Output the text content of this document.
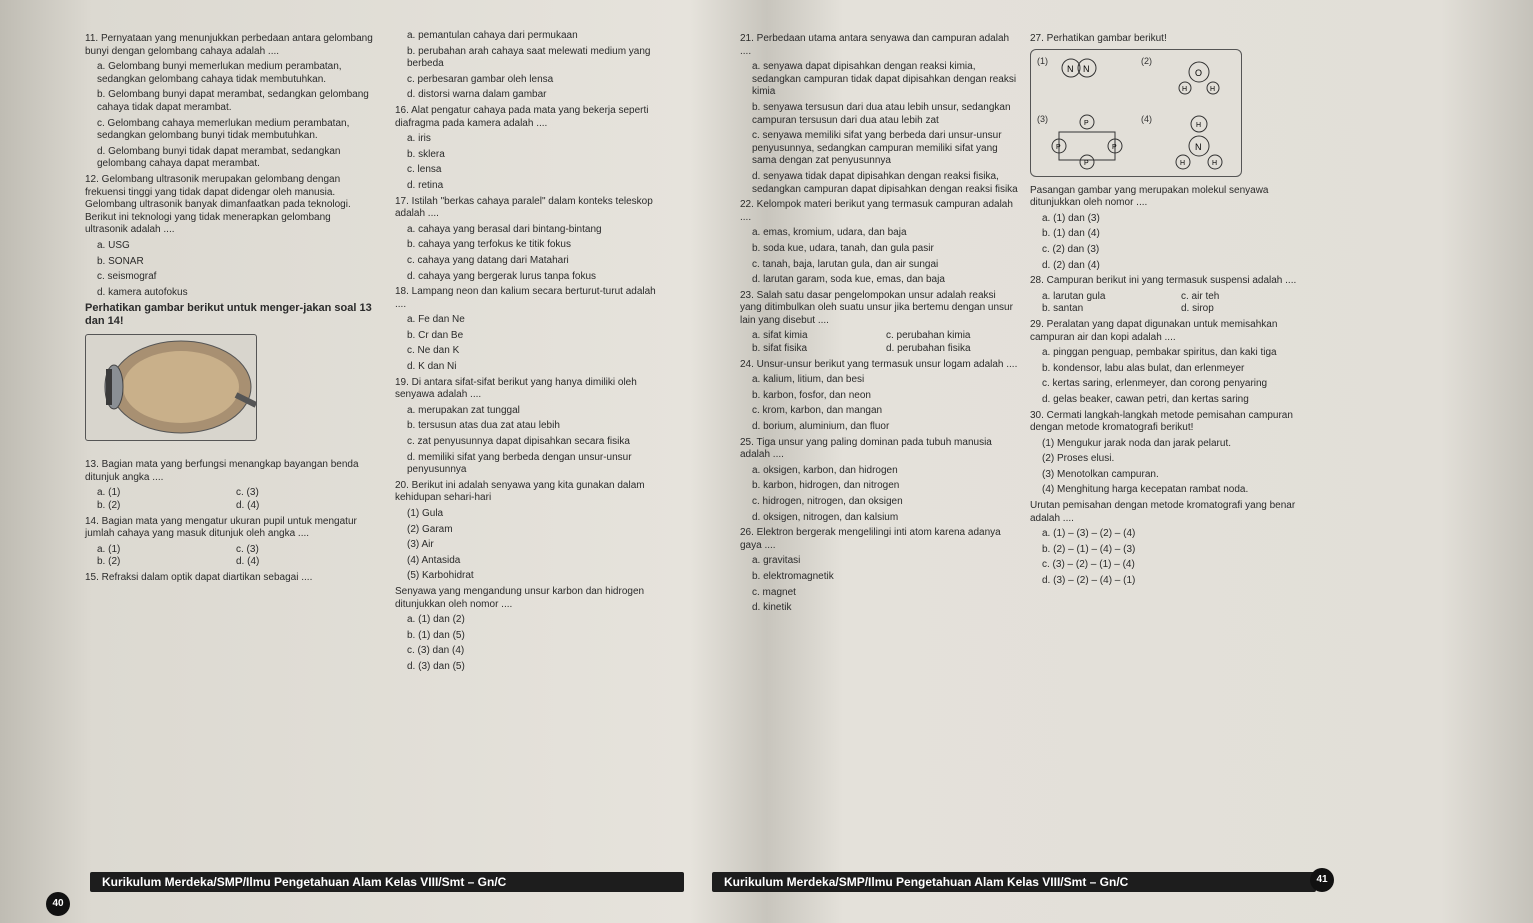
11. Pernyataan yang menunjukkan perbedaan antara gelombang bunyi dengan gelombang cahaya adalah ....

a. Gelombang bunyi memerlukan medium perambatan, sedangkan gelombang cahaya tidak membutuhkan.

b. Gelombang bunyi dapat merambat, sedangkan gelombang cahaya tidak dapat merambat.

c. Gelombang cahaya memerlukan medium perambatan, sedangkan gelombang bunyi tidak membutuhkan.

d. Gelombang bunyi tidak dapat merambat, sedangkan gelombang cahaya dapat merambat.

12. Gelombang ultrasonik merupakan gelombang dengan frekuensi tinggi yang tidak dapat didengar oleh manusia. Gelombang ultrasonik banyak dimanfaatkan pada teknologi. Berikut ini teknologi yang tidak menerapkan gelombang ultrasonik adalah ....

a. USG

b. SONAR

c. seismograf

d. kamera autofokus

Perhatikan gambar berikut untuk menger-jakan soal 13 dan 14!

13. Bagian mata yang berfungsi menangkap bayangan benda ditunjuk angka ....

a. (1)	c. (3)
b. (2)	d. (4)

14. Bagian mata yang mengatur ukuran pupil untuk mengatur jumlah cahaya yang masuk ditunjuk oleh angka ....

a. (1)	c. (3)
b. (2)	d. (4)

15. Refraksi dalam optik dapat diartikan sebagai ....

a. pemantulan cahaya dari permukaan

b. perubahan arah cahaya saat melewati medium yang berbeda

c. perbesaran gambar oleh lensa

d. distorsi warna dalam gambar

16. Alat pengatur cahaya pada mata yang bekerja seperti diafragma pada kamera adalah ....

a. iris

b. sklera

c. lensa

d. retina

17. Istilah "berkas cahaya paralel" dalam konteks teleskop adalah ....

a. cahaya yang berasal dari bintang-bintang

b. cahaya yang terfokus ke titik fokus

c. cahaya yang datang dari Matahari

d. cahaya yang bergerak lurus tanpa fokus

18. Lampang neon dan kalium secara berturut-turut adalah ....

a. Fe dan Ne

b. Cr dan Be

c. Ne dan K

d. K dan Ni

19. Di antara sifat-sifat berikut yang hanya dimiliki oleh senyawa adalah ....

a. merupakan zat tunggal

b. tersusun atas dua zat atau lebih

c. zat penyusunnya dapat dipisahkan secara fisika

d. memiliki sifat yang berbeda dengan unsur-unsur penyusunnya

20. Berikut ini adalah senyawa yang kita gunakan dalam kehidupan sehari-hari

(1) Gula

(2) Garam

(3) Air

(4) Antasida

(5) Karbohidrat

Senyawa yang mengandung unsur karbon dan hidrogen ditunjukkan oleh nomor ....

a. (1) dan (2)

b. (1) dan (5)

c. (3) dan (4)

d. (3) dan (5)

Kurikulum Merdeka/SMP/Ilmu Pengetahuan Alam Kelas VIII/Smt – Gn/C
40

21. Perbedaan utama antara senyawa dan campuran adalah ....

a. senyawa dapat dipisahkan dengan reaksi kimia, sedangkan campuran tidak dapat dipisahkan dengan reaksi kimia

b. senyawa tersusun dari dua atau lebih unsur, sedangkan campuran tersusun dari dua atau lebih zat

c. senyawa memiliki sifat yang berbeda dari unsur-unsur penyusunnya, sedangkan campuran memiliki sifat yang sama dengan zat penyusunnya

d. senyawa tidak dapat dipisahkan dengan reaksi fisika, sedangkan campuran dapat dipisahkan dengan reaksi fisika

22. Kelompok materi berikut yang termasuk campuran adalah ....

a. emas, kromium, udara, dan baja

b. soda kue, udara, tanah, dan gula pasir

c. tanah, baja, larutan gula, dan air sungai

d. larutan garam, soda kue, emas, dan baja

23. Salah satu dasar pengelompokan unsur adalah reaksi yang ditimbulkan oleh suatu unsur jika bertemu dengan unsur lain yang disebut ....

a. sifat kimia	c. perubahan kimia
b. sifat fisika	d. perubahan fisika

24. Unsur-unsur berikut yang termasuk unsur logam adalah ....

a. kalium, litium, dan besi

b. karbon, fosfor, dan neon

c. krom, karbon, dan mangan

d. borium, aluminium, dan fluor

25. Tiga unsur yang paling dominan pada tubuh manusia adalah ....

a. oksigen, karbon, dan hidrogen

b. karbon, hidrogen, dan nitrogen

c. hidrogen, nitrogen, dan oksigen

d. oksigen, nitrogen, dan kalsium

26. Elektron bergerak mengelilingi inti atom karena adanya gaya ....

a. gravitasi

b. elektromagnetik

c. magnet

d. kinetik

27. Perhatikan gambar berikut!

(1)	(2)
(3)	(4)
N N	O
H	H
P
P	P
P
H
N
H	H

Pasangan gambar yang merupakan molekul senyawa ditunjukkan oleh nomor ....

a. (1) dan (3)

b. (1) dan (4)

c. (2) dan (3)

d. (2) dan (4)

28. Campuran berikut ini yang termasuk suspensi adalah ....

a. larutan gula	c. air teh
b. santan	d. sirop

29. Peralatan yang dapat digunakan untuk memisahkan campuran air dan kopi adalah ....

a. pinggan penguap, pembakar spiritus, dan kaki tiga

b. kondensor, labu alas bulat, dan erlenmeyer

c. kertas saring, erlenmeyer, dan corong penyaring

d. gelas beaker, cawan petri, dan kertas saring

30. Cermati langkah-langkah metode pemisahan campuran dengan metode kromatografi berikut!

(1) Mengukur jarak noda dan jarak pelarut.

(2) Proses elusi.

(3) Menotolkan campuran.

(4) Menghitung harga kecepatan rambat noda.

Urutan pemisahan dengan metode kromatografi yang benar adalah ....

a. (1) – (3) – (2) – (4)

b. (2) – (1) – (4) – (3)

c. (3) – (2) – (1) – (4)

d. (3) – (2) – (4) – (1)

Kurikulum Merdeka/SMP/Ilmu Pengetahuan Alam Kelas VIII/Smt – Gn/C	41
